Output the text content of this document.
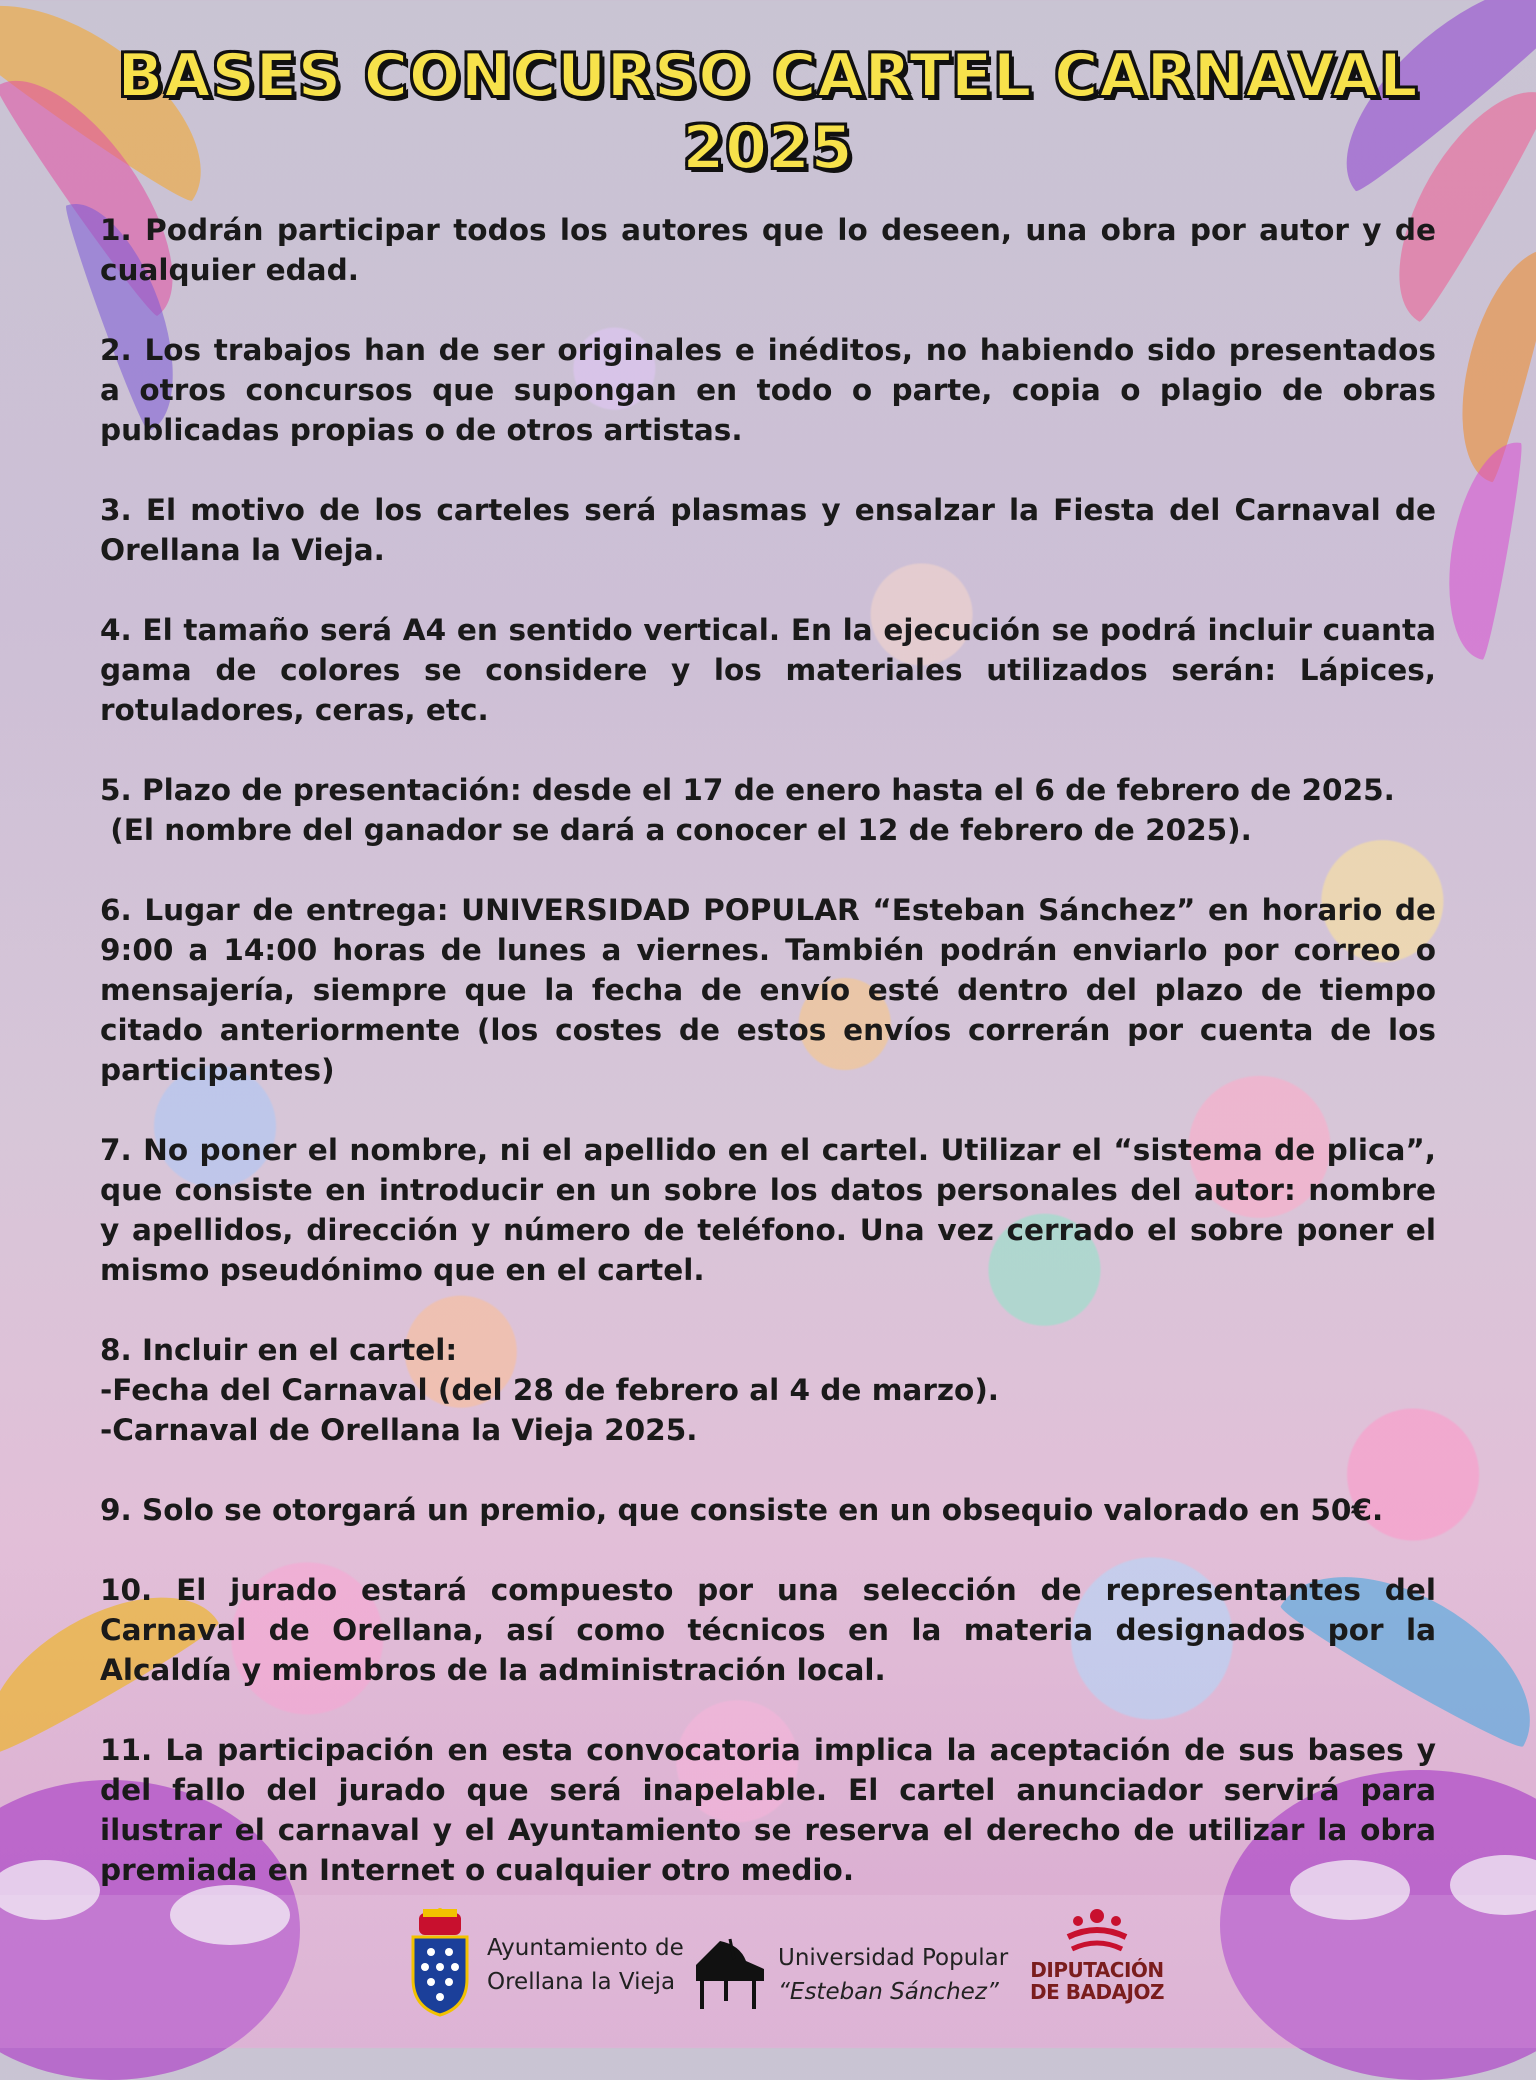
BASES CONCURSO CARTEL CARNAVAL
2025
1. Podrán participar todos los autores que lo deseen, una obra por autor y de cualquier edad.
2. Los trabajos han de ser originales e inéditos, no habiendo sido presentados a otros concursos que supongan en todo o parte, copia o plagio de obras publicadas propias o de otros artistas.
3. El motivo de los carteles será plasmas y ensalzar la Fiesta del Carnaval de Orellana la Vieja.
4. El tamaño será A4 en sentido vertical. En la ejecución se podrá incluir cuanta gama de colores se considere y los materiales utilizados serán: Lápices, rotuladores, ceras, etc.
5. Plazo de presentación: desde el 17 de enero hasta el 6 de febrero de 2025.
(El nombre del ganador se dará a conocer el 12 de febrero de 2025).
6. Lugar de entrega: UNIVERSIDAD POPULAR “Esteban Sánchez” en horario de 9:00 a 14:00 horas de lunes a viernes. También podrán enviarlo por correo o mensajería, siempre que la fecha de envío esté dentro del plazo de tiempo citado anteriormente (los costes de estos envíos correrán por cuenta de los participantes)
7. No poner el nombre, ni el apellido en el cartel. Utilizar el “sistema de plica”, que consiste en introducir en un sobre los datos personales del autor: nombre y apellidos, dirección y número de teléfono. Una vez cerrado el sobre poner el mismo pseudónimo que en el cartel.
8. Incluir en el cartel:
-Fecha del Carnaval (del 28 de febrero al 4 de marzo).
-Carnaval de Orellana la Vieja 2025.
9. Solo se otorgará un premio, que consiste en un obsequio valorado en 50€.
10. El jurado estará compuesto por una selección de representantes del Carnaval de Orellana, así como técnicos en la materia designados por la Alcaldía y miembros de la administración local.
11. La participación en esta convocatoria implica la aceptación de sus bases y del fallo del jurado que será inapelable. El cartel anunciador servirá para ilustrar el carnaval y el Ayuntamiento se reserva el derecho de utilizar la obra premiada en Internet o cualquier otro medio.
Ayuntamiento de
Orellana la Vieja
Universidad Popular
“Esteban Sánchez”
DIPUTACIÓN
DE BADAJOZ
